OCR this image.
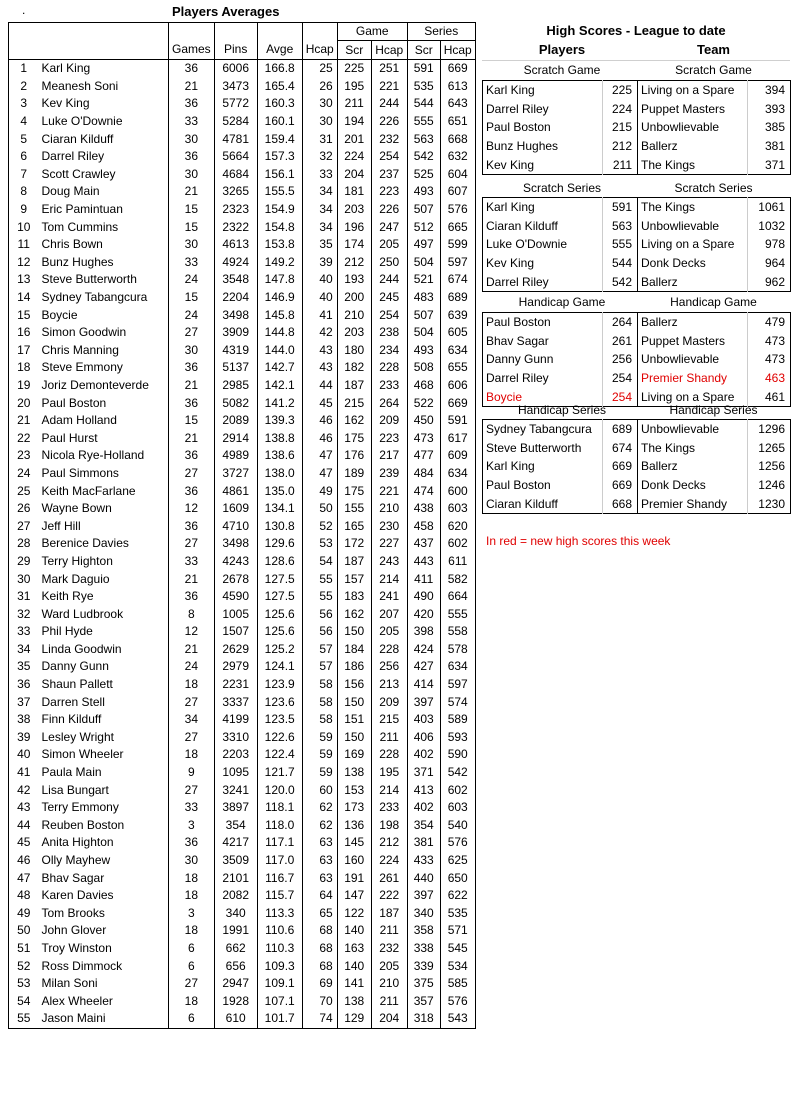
.	Players Averages
						Game		Series	
		Games	Pins	Avge	Hcap	Scr	Hcap	Scr	Hcap
1	Karl King	36	6006	166.8	25	225	251	591	669
2	Meanesh Soni	21	3473	165.4	26	195	221	535	613
3	Kev King	36	5772	160.3	30	211	244	544	643
4	Luke O'Downie	33	5284	160.1	30	194	226	555	651
5	Ciaran Kilduff	30	4781	159.4	31	201	232	563	668
6	Darrel Riley	36	5664	157.3	32	224	254	542	632
7	Scott Crawley	30	4684	156.1	33	204	237	525	604
8	Doug Main	21	3265	155.5	34	181	223	493	607
9	Eric Pamintuan	15	2323	154.9	34	203	226	507	576
10	Tom Cummins	15	2322	154.8	34	196	247	512	665
11	Chris Bown	30	4613	153.8	35	174	205	497	599
12	Bunz Hughes	33	4924	149.2	39	212	250	504	597
13	Steve Butterworth	24	3548	147.8	40	193	244	521	674
14	Sydney Tabangcura	15	2204	146.9	40	200	245	483	689
15	Boycie	24	3498	145.8	41	210	254	507	639
16	Simon Goodwin	27	3909	144.8	42	203	238	504	605
17	Chris Manning	30	4319	144.0	43	180	234	493	634
18	Steve Emmony	36	5137	142.7	43	182	228	508	655
19	Joriz Demonteverde	21	2985	142.1	44	187	233	468	606
20	Paul Boston	36	5082	141.2	45	215	264	522	669
21	Adam Holland	15	2089	139.3	46	162	209	450	591
22	Paul Hurst	21	2914	138.8	46	175	223	473	617
23	Nicola Rye-Holland	36	4989	138.6	47	176	217	477	609
24	Paul Simmons	27	3727	138.0	47	189	239	484	634
25	Keith MacFarlane	36	4861	135.0	49	175	221	474	600
26	Wayne Bown	12	1609	134.1	50	155	210	438	603
27	Jeff Hill	36	4710	130.8	52	165	230	458	620
28	Berenice Davies	27	3498	129.6	53	172	227	437	602
29	Terry Highton	33	4243	128.6	54	187	243	443	611
30	Mark Daguio	21	2678	127.5	55	157	214	411	582
31	Keith Rye	36	4590	127.5	55	183	241	490	664
32	Ward Ludbrook	8	1005	125.6	56	162	207	420	555
33	Phil Hyde	12	1507	125.6	56	150	205	398	558
34	Linda Goodwin	21	2629	125.2	57	184	228	424	578
35	Danny Gunn	24	2979	124.1	57	186	256	427	634
36	Shaun Pallett	18	2231	123.9	58	156	213	414	597
37	Darren Stell	27	3337	123.6	58	150	209	397	574
38	Finn Kilduff	34	4199	123.5	58	151	215	403	589
39	Lesley Wright	27	3310	122.6	59	150	211	406	593
40	Simon Wheeler	18	2203	122.4	59	169	228	402	590
41	Paula Main	9	1095	121.7	59	138	195	371	542
42	Lisa Bungart	27	3241	120.0	60	153	214	413	602
43	Terry Emmony	33	3897	118.1	62	173	233	402	603
44	Reuben Boston	3	354	118.0	62	136	198	354	540
45	Anita Highton	36	4217	117.1	63	145	212	381	576
46	Olly Mayhew	30	3509	117.0	63	160	224	433	625
47	Bhav Sagar	18	2101	116.7	63	191	261	440	650
48	Karen Davies	18	2082	115.7	64	147	222	397	622
49	Tom Brooks	3	340	113.3	65	122	187	340	535
50	John Glover	18	1991	110.6	68	140	211	358	571
51	Troy Winston	6	662	110.3	68	163	232	338	545
52	Ross Dimmock	6	656	109.3	68	140	205	339	534
53	Milan Soni	27	2947	109.1	69	141	210	375	585
54	Alex Wheeler	18	1928	107.1	70	138	211	357	576
55	Jason Maini	6	610	101.7	74	129	204	318	543
High Scores - League to date
Players	Team
Scratch Game	Scratch Game
Karl King	225	Living on a Spare	394
Darrel Riley	224	Puppet Masters	393
Paul Boston	215	Unbowlievable	385
Bunz Hughes	212	Ballerz	381
Kev King	211	The Kings	371
Scratch Series	Scratch Series
Karl King	591	The Kings	1061
Ciaran Kilduff	563	Unbowlievable	1032
Luke O'Downie	555	Living on a Spare	978
Kev King	544	Donk Decks	964
Darrel Riley	542	Ballerz	962
Handicap Game	Handicap Game
Paul Boston	264	Ballerz	479
Bhav Sagar	261	Puppet Masters	473
Danny Gunn	256	Unbowlievable	473
Darrel Riley	254	Premier Shandy	463
Boycie	254	Living on a Spare	461
Handicap Series	Handicap Series
Sydney Tabangcura	689	Unbowlievable	1296
Steve Butterworth	674	The Kings	1265
Karl King	669	Ballerz	1256
Paul Boston	669	Donk Decks	1246
Ciaran Kilduff	668	Premier Shandy	1230
In red = new high scores this week
